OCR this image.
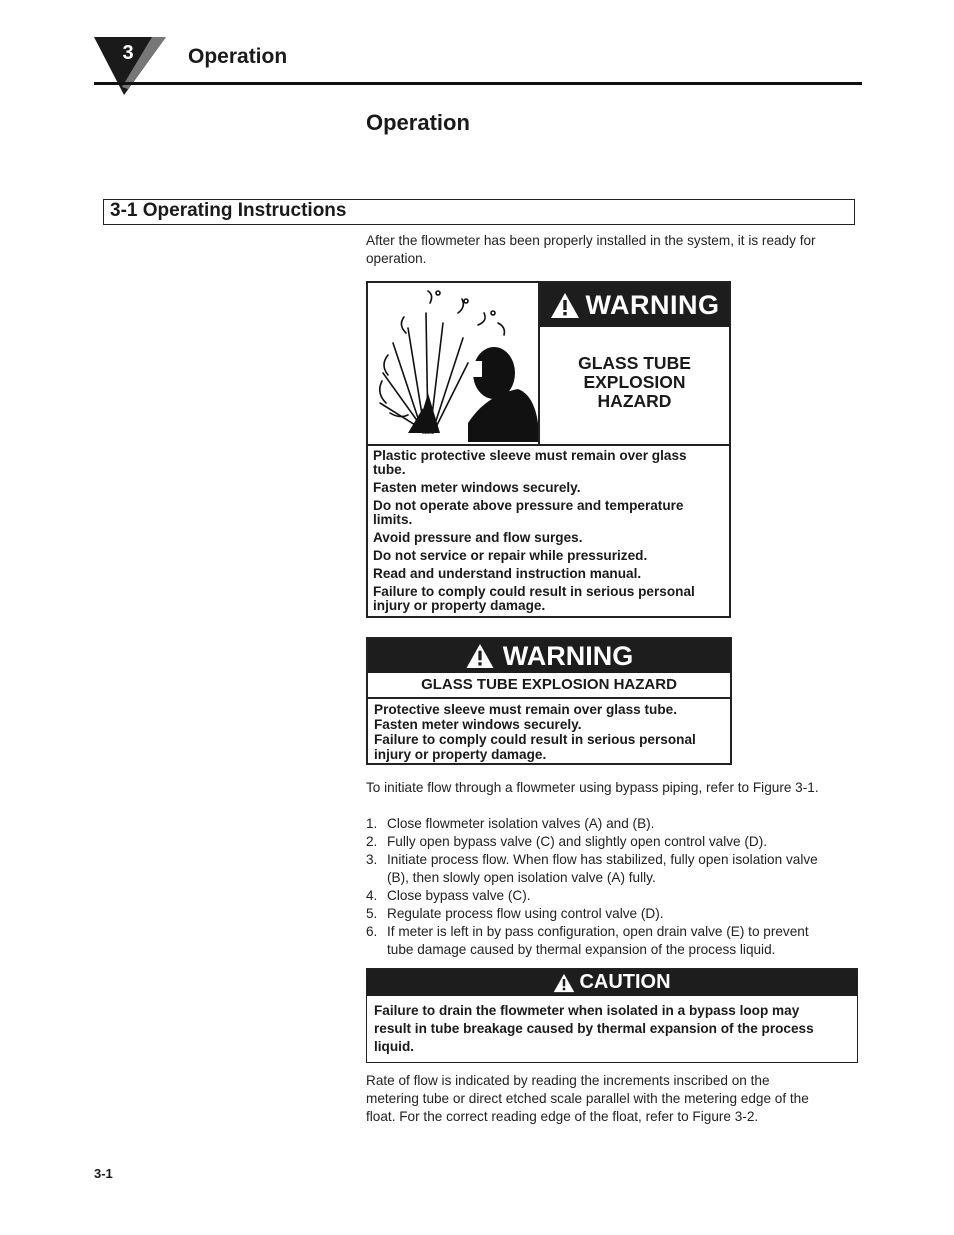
3	Operation
Operation
3-1 Operating Instructions
After the flowmeter has been properly installed in the system, it is ready for
operation.
WARNING
GLASS TUBE
EXPLOSION
HAZARD
Plastic protective sleeve must remain over glass
tube.
Fasten meter windows securely.
Do not operate above pressure and temperature
limits.
Avoid pressure and flow surges.
Do not service or repair while pressurized.
Read and understand instruction manual.
Failure to comply could result in serious personal
injury or property damage.
WARNING
GLASS TUBE EXPLOSION HAZARD
Protective sleeve must remain over glass tube.
Fasten meter windows securely.
Failure to comply could result in serious personal
injury or property damage.
To initiate flow through a flowmeter using bypass piping, refer to Figure 3-1.
1. Close flowmeter isolation valves (A) and (B).
2. Fully open bypass valve (C) and slightly open control valve (D).
3. Initiate process flow. When flow has stabilized, fully open isolation valve
(B), then slowly open isolation valve (A) fully.
4. Close bypass valve (C).
5. Regulate process flow using control valve (D).
6. If meter is left in by pass configuration, open drain valve (E) to prevent
tube damage caused by thermal expansion of the process liquid.
CAUTION
Failure to drain the flowmeter when isolated in a bypass loop may
result in tube breakage caused by thermal expansion of the process
liquid.
Rate of flow is indicated by reading the increments inscribed on the
metering tube or direct etched scale parallel with the metering edge of the
float. For the correct reading edge of the float, refer to Figure 3-2.
3-1
